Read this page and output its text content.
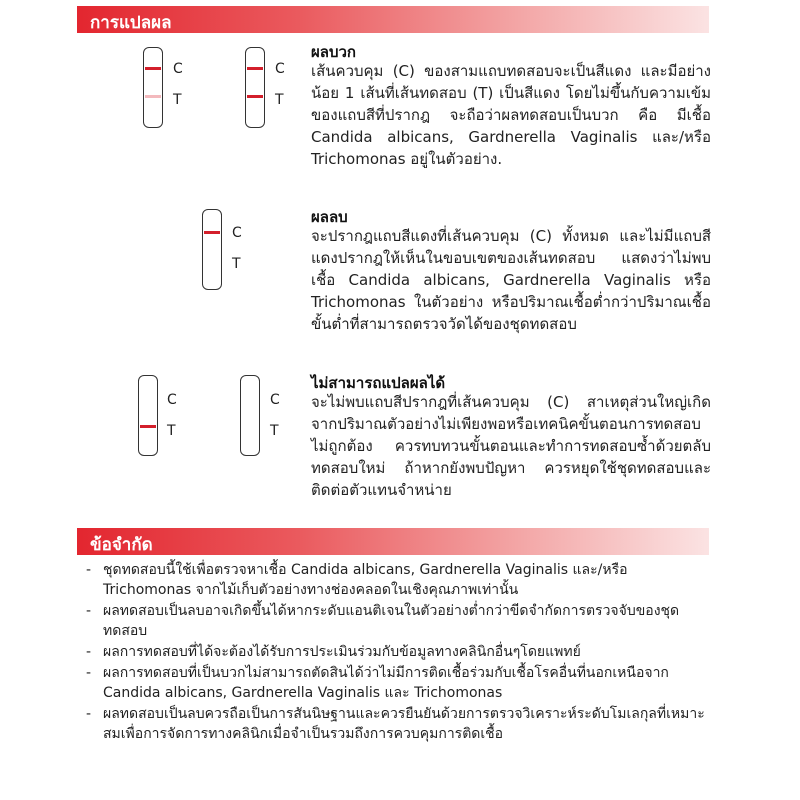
การแปลผล
C
T
C
T
ผลบวก
เส้นควบคุม (C) ของสามแถบทดสอบจะเป็นสีแดง และมีอย่างน้อย 1 เส้นที่เส้นทดสอบ (T) เป็นสีแดง โดยไม่ขึ้นกับความเข้มของแถบสีที่ปรากฎ จะถือว่าผลทดสอบเป็นบวก คือ มีเชื้อ Candida albicans, Gardnerella Vaginalis และ/หรือ Trichomonas อยู่ในตัวอย่าง.
C
T
ผลลบ
จะปรากฎแถบสีแดงที่เส้นควบคุม (C) ทั้งหมด และไม่มีแถบสีแดงปรากฎให้เห็นในขอบเขตของเส้นทดสอบ แสดงว่าไม่พบเชื้อ Candida albicans, Gardnerella Vaginalis หรือ Trichomonas ในตัวอย่าง หรือปริมาณเชื้อต่ำกว่าปริมาณเชื้อขั้นต่ำที่สามารถตรวจวัดได้ของชุดทดสอบ
C
T
C
T
ไม่สามารถแปลผลได้
จะไม่พบแถบสีปรากฎที่เส้นควบคุม (C) สาเหตุส่วนใหญ่เกิดจากปริมาณตัวอย่างไม่เพียงพอหรือเทคนิคขั้นตอนการทดสอบไม่ถูกต้อง ควรทบทวนขั้นตอนและทำการทดสอบซ้ำด้วยตลับทดสอบใหม่ ถ้าหากยังพบปัญหา ควรหยุดใช้ชุดทดสอบและติดต่อตัวแทนจำหน่าย
ข้อจำกัด
- ชุดทดสอบนี้ใช้เพื่อตรวจหาเชื้อ Candida albicans, Gardnerella Vaginalis และ/หรือ Trichomonas จากไม้เก็บตัวอย่างทางช่องคลอดในเชิงคุณภาพเท่านั้น
- ผลทดสอบเป็นลบอาจเกิดขึ้นได้หากระดับแอนติเจนในตัวอย่างต่ำกว่าขีดจำกัดการตรวจจับของชุดทดสอบ
- ผลการทดสอบที่ได้จะต้องได้รับการประเมินร่วมกับข้อมูลทางคลินิกอื่นๆโดยแพทย์
- ผลการทดสอบที่เป็นบวกไม่สามารถตัดสินได้ว่าไม่มีการติดเชื้อร่วมกับเชื้อโรคอื่นที่นอกเหนือจาก Candida albicans, Gardnerella Vaginalis และ Trichomonas
- ผลทดสอบเป็นลบควรถือเป็นการสันนิษฐานและควรยืนยันด้วยการตรวจวิเคราะห์ระดับโมเลกุลที่เหมาะสมเพื่อการจัดการทางคลินิกเมื่อจำเป็นรวมถึงการควบคุมการติดเชื้อ
